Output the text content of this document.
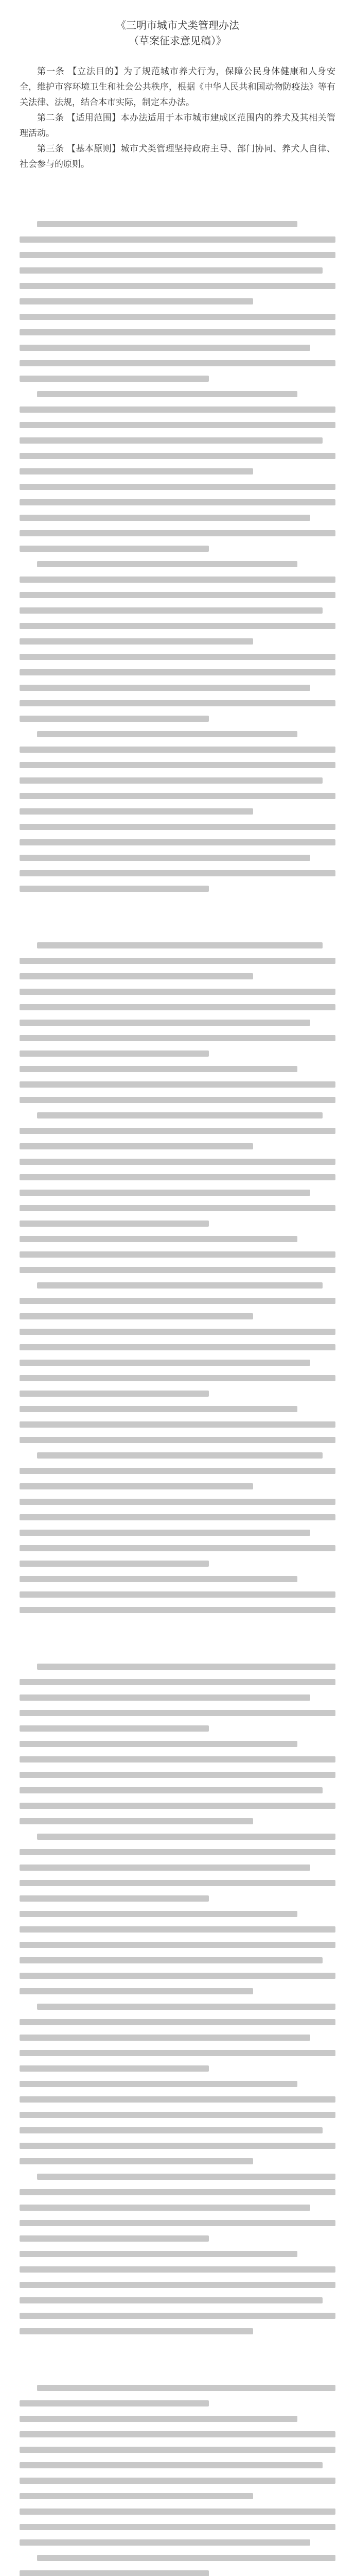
《三明市城市犬类管理办法
（草案征求意见稿）》

第一条 【立法目的】为了规范城市养犬行为，保障公民身体健康和人身安全，维护市容环境卫生和社会公共秩序，根据《中华人民共和国动物防疫法》等有关法律、法规，结合本市实际，制定本办法。

第二条 【适用范围】本办法适用于本市城市建成区范围内的养犬及其相关管理活动。

第三条 【基本原则】城市犬类管理坚持政府主导、部门协同、养犬人自律、社会参与的原则。
